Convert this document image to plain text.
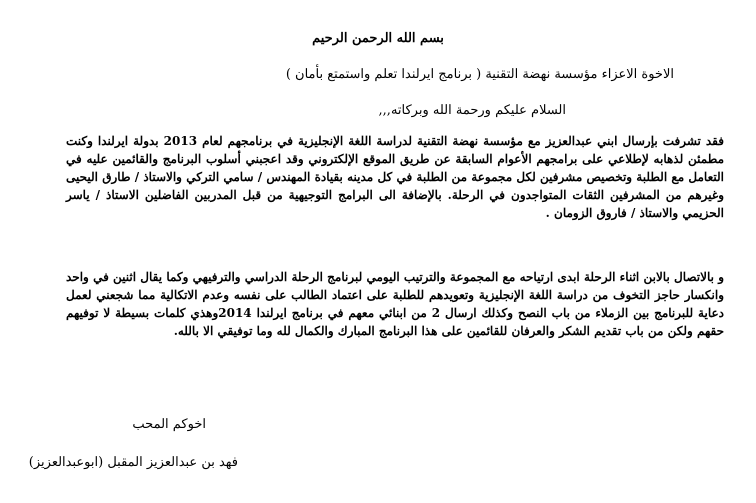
بسم الله الرحمن الرحيم
الاخوة الاعزاء مؤسسة نهضة التقنية ( برنامج ايرلندا تعلم واستمتع بأمان )
السلام عليكم ورحمة الله وبركاته,,,
فقد تشرفت بإرسال ابني عبدالعزيز مع مؤسسة نهضة التقنية لدراسة اللغة الإنجليزية في برنامجهم لعام 2013 بدولة ايرلندا وكنت مطمئن لذهابه لإطلاعي على برامجهم الأعوام السابقة عن طريق الموقع الإلكتروني وقد اعجبني أسلوب البرنامج والقائمين عليه في التعامل مع الطلبة وتخصيص مشرفين لكل مجموعة من الطلبة في كل مدينه بقيادة المهندس / سامي التركي والاستاذ / طارق اليحيى وغيرهم من المشرفين الثقات المتواجدون في الرحلة. بالإضافة الى البرامج التوجيهية من قبل المدربين الفاضلين الاستاذ / ياسر الحزيمي والاستاذ / فاروق الزومان .
و بالاتصال بالابن اثناء الرحلة ابدى ارتياحه مع المجموعة والترتيب اليومي لبرنامج الرحلة الدراسي والترفيهي وكما يقال اثنين في واحد وانكسار حاجز التخوف من دراسة اللغة الإنجليزية وتعويدهم للطلبة على اعتماد الطالب على نفسه وعدم الاتكالية مما شجعني لعمل دعاية للبرنامج بين الزملاء من باب النصح وكذلك ارسال 2 من ابنائي معهم في برنامج ايرلندا 2014وهذي كلمات بسيطة لا توفيهم حقهم ولكن من باب تقديم الشكر والعرفان للقائمين على هذا البرنامج المبارك والكمال لله وما توفيقي الا بالله.
اخوكم المحب
فهد بن عبدالعزيز المقبل (ابوعبدالعزيز)
